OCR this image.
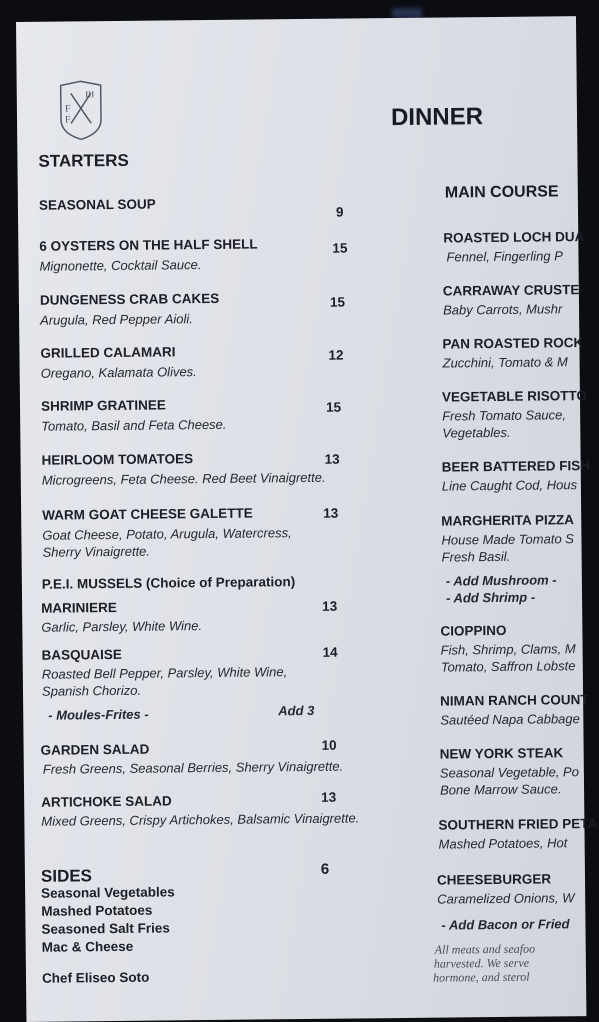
F F	DINNER
STARTERS
SEASONAL SOUP	9
6 OYSTERS ON THE HALF SHELL
Mignonette, Cocktail Sauce.
15
DUNGENESS CRAB CAKES
Arugula, Red Pepper Aioli.
15
GRILLED CALAMARI
Oregano, Kalamata Olives.
12
SHRIMP GRATINEE
Tomato, Basil and Feta Cheese.
15
HEIRLOOM TOMATOES
Microgreens, Feta Cheese. Red Beet Vinaigrette.
13
WARM GOAT CHEESE GALETTE
Goat Cheese, Potato, Arugula, Watercress,
Sherry Vinaigrette.
13
P.E.I. MUSSELS (Choice of Preparation)
MARINIERE
Garlic, Parsley, White Wine.
13
BASQUAISE
Roasted Bell Pepper, Parsley, White Wine,
Spanish Chorizo.
14
- Moules-Frites -	Add 3
GARDEN SALAD
Fresh Greens, Seasonal Berries, Sherry Vinaigrette.
10
ARTICHOKE SALAD
Mixed Greens, Crispy Artichokes, Balsamic Vinaigrette.
13
SIDES	6
Seasonal Vegetables
Mashed Potatoes
Seasoned Salt Fries
Mac & Cheese
Chef Eliseo Soto
MAIN COURSE
ROASTED LOCH DUA
Fennel, Fingerling P
CARRAWAY CRUSTE
Baby Carrots, Mushr
PAN ROASTED ROCK
Zucchini, Tomato & M
VEGETABLE RISOTTO
Fresh Tomato Sauce,
Vegetables.
BEER BATTERED FISH
Line Caught Cod, Hous
MARGHERITA PIZZA
House Made Tomato S
Fresh Basil.
- Add Mushroom -
- Add Shrimp -
CIOPPINO
Fish, Shrimp, Clams, M
Tomato, Saffron Lobste
NIMAN RANCH COUNT
Sautéed Napa Cabbage
NEW YORK STEAK
Seasonal Vegetable, Po
Bone Marrow Sauce.
SOUTHERN FRIED PETA
Mashed Potatoes, Hot
CHEESEBURGER
Caramelized Onions, W
- Add Bacon or Fried
All meats and seafoo
harvested. We serve
hormone, and sterol
